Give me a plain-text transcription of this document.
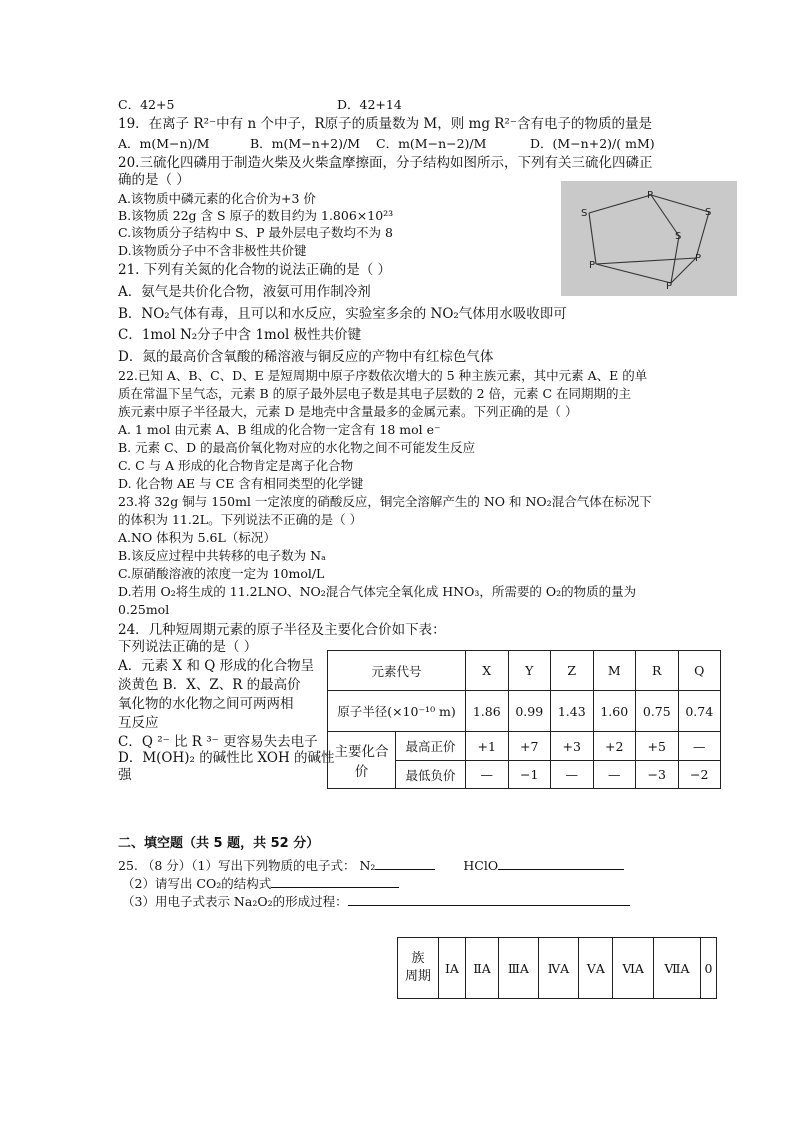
C．42+5	D．42+14
19．在离子 R²⁻中有 n 个中子，R原子的质量数为 M，则 mg R²⁻含有电子的物质的量是
A．m(M−n)/M	B．m(M−n+2)/M C．m(M−n−2)/M	D．(M−n+2)/( mM)
20.三硫化四磷用于制造火柴及火柴盒摩擦面，分子结构如图所示，下列有关三硫化四磷正
确的是（ ）
A.该物质中磷元素的化合价为+3 价
B.该物质 22g 含 S 原子的数目约为 1.806×10²³
C.该物质分子结构中 S、P 最外层电子数均不为 8
D.该物质分子中不含非极性共价键
P
S	S
S
P
P
P
21. 下列有关氮的化合物的说法正确的是（ ）
A．氨气是共价化合物，液氨可用作制冷剂
B．NO₂气体有毒，且可以和水反应，实验室多余的 NO₂气体用水吸收即可
C．1mol N₂分子中含 1mol 极性共价键
D．氮的最高价含氧酸的稀溶液与铜反应的产物中有红棕色气体
22.已知 A、B、C、D、E 是短周期中原子序数依次增大的 5 种主族元素，其中元素 A、E 的单
质在常温下呈气态，元素 B 的原子最外层电子数是其电子层数的 2 倍，元素 C 在同期期的主
族元素中原子半径最大，元素 D 是地壳中含量最多的金属元素。下列正确的是（ ）
A. 1 mol 由元素 A、B 组成的化合物一定含有 18 mol e⁻
B. 元素 C、D 的最高价氧化物对应的水化物之间不可能发生反应
C. C 与 A 形成的化合物肯定是离子化合物
D. 化合物 AE 与 CE 含有相同类型的化学键
23.将 32g 铜与 150ml 一定浓度的硝酸反应，铜完全溶解产生的 NO 和 NO₂混合气体在标况下
的体积为 11.2L。下列说法不正确的是（ ）
A.NO 体积为 5.6L（标况）
B.该反应过程中共转移的电子数为 Nₐ
C.原硝酸溶液的浓度一定为 10mol/L
D.若用 O₂将生成的 11.2LNO、NO₂混合气体完全氧化成 HNO₃，所需要的 O₂的物质的量为
0.25mol
24．几种短周期元素的原子半径及主要化合价如下表：
下列说法正确的是（ ）
A．元素 X 和 Q 形成的化合物呈
淡黄色 B．X、Z、R 的最高价
氧化物的水化物之间可两两相
互反应
C．Q ²⁻ 比 R ³⁻ 更容易失去电子
D．M(OH)₂ 的碱性比 XOH 的碱性
强
元素代号		X	Y	Z	M	R	Q
原子半径(×10⁻¹⁰ m)		1.86	0.99	1.43	1.60	0.75	0.74
主要化合价	最高正价	+1	+7	+3	+2	+5	—
	最低负价	—	−1	—	—	−3	−2
二、填空题（共 5 题，共 52 分）
25. （8 分）（1）写出下列物质的电子式： N₂	HClO
（2）请写出 CO₂的结构式
（3）用电子式表示 Na₂O₂的形成过程：
族
周期
	ⅠA	ⅡA	ⅢA	ⅣA	ⅤA	ⅥA	ⅦA	0
